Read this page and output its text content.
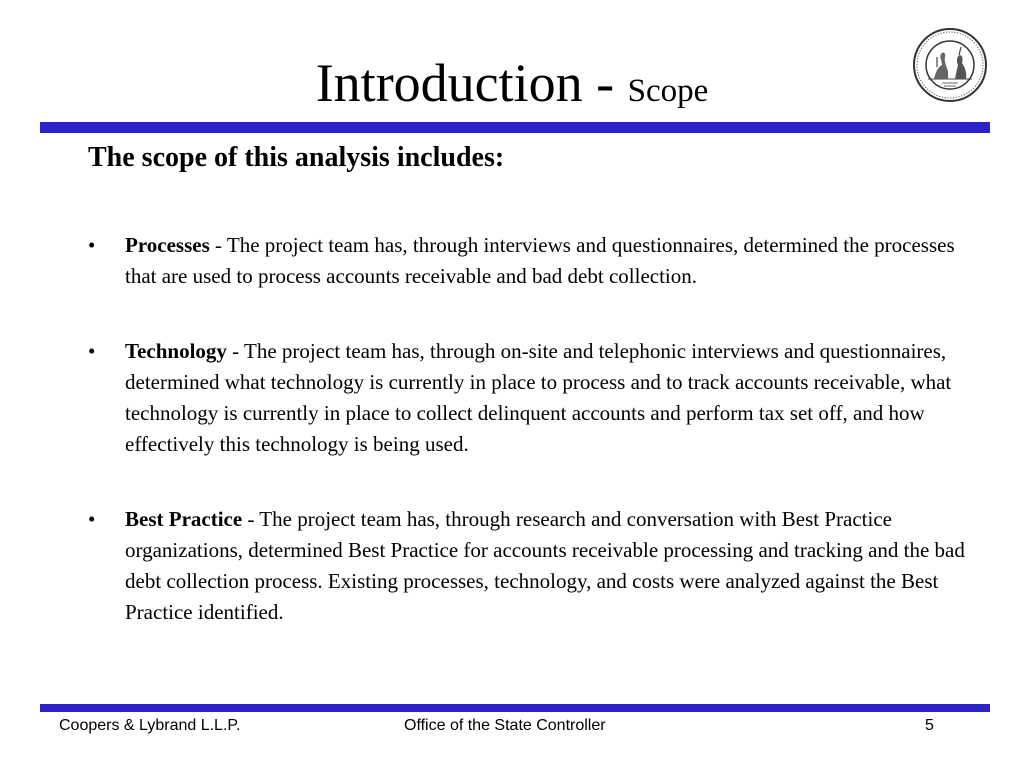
Introduction - Scope
The scope of this analysis includes:
•	Processes - The project team has, through interviews and questionnaires, determined the processes that are used to process accounts receivable and bad debt collection.
•	Technology - The project team has, through on-site and telephonic interviews and questionnaires, determined what technology is currently in place to process and to track accounts receivable, what technology is currently in place to collect delinquent accounts and perform tax set off, and how effectively this technology is being used.
•	Best Practice - The project team has, through research and conversation with Best Practice organizations, determined Best Practice for accounts receivable processing and tracking and the bad debt collection process. Existing processes, technology, and costs were analyzed against the Best Practice identified.
Coopers & Lybrand L.L.P.	Office of the State Controller	5
